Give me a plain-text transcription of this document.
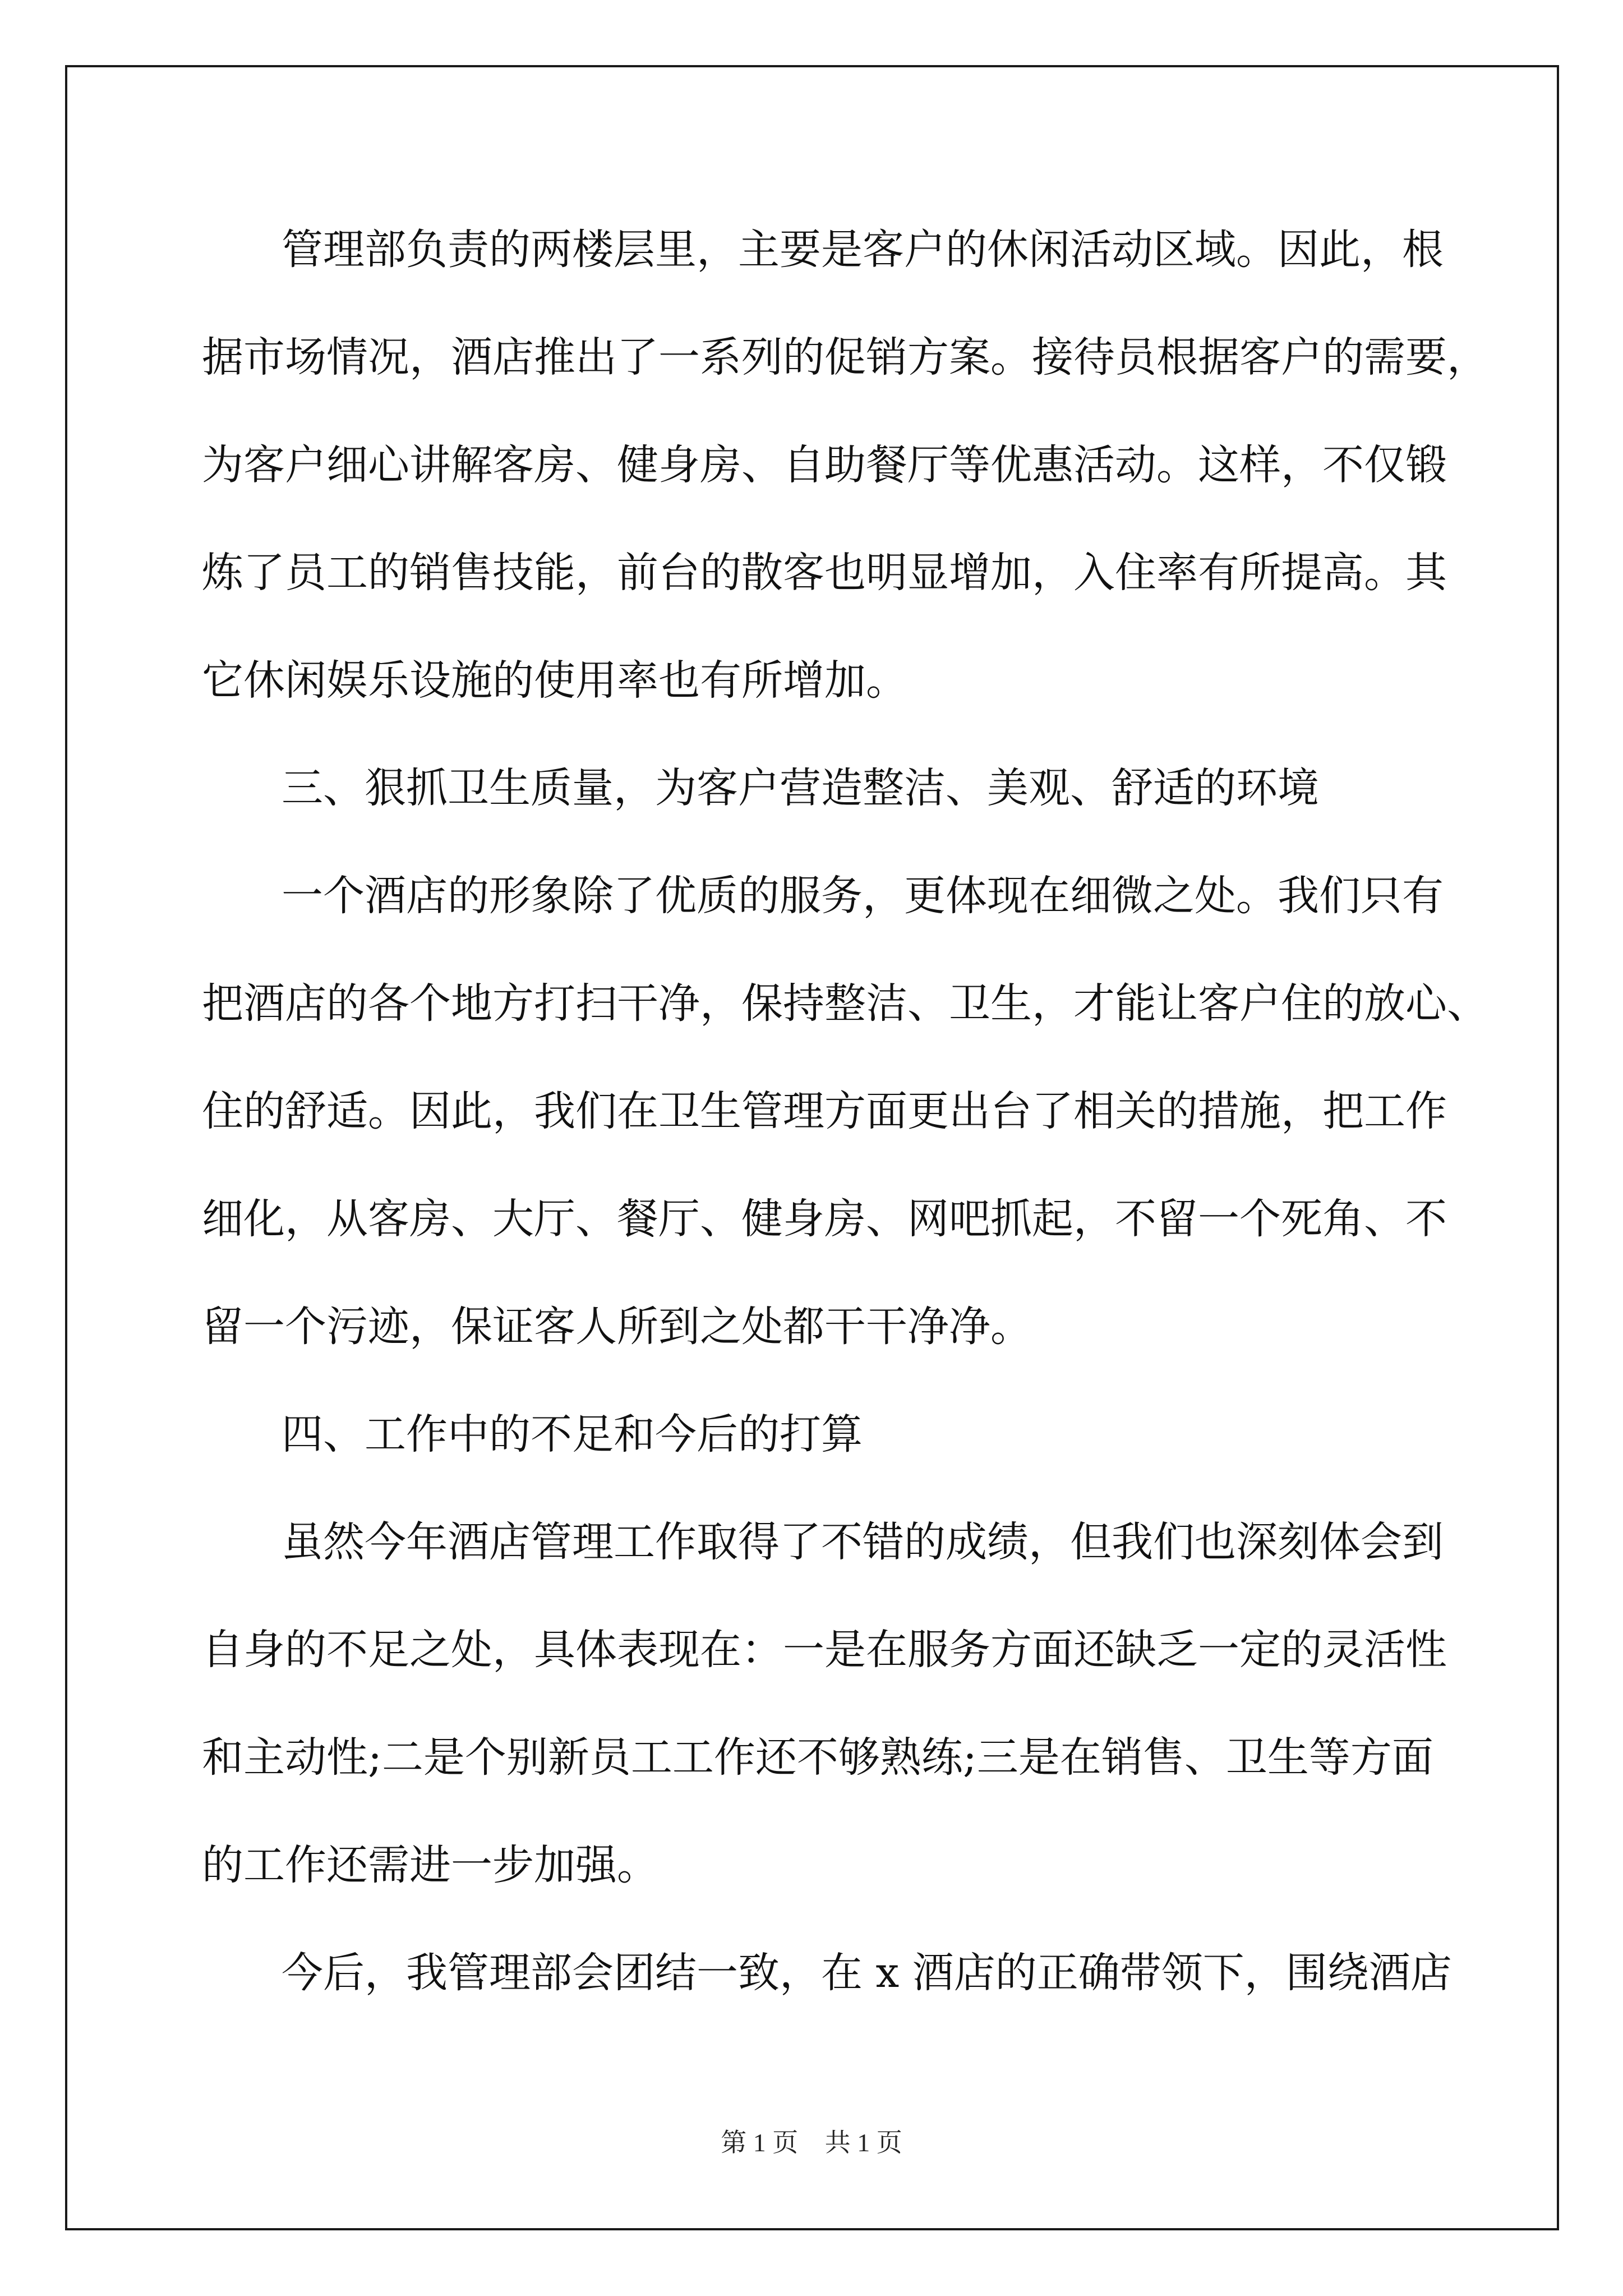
管理部负责的两楼层里，主要是客户的休闲活动区域。因此，根
据市场情况，酒店推出了一系列的促销方案。接待员根据客户的需要，
为客户细心讲解客房、健身房、自助餐厅等优惠活动。这样，不仅锻
炼了员工的销售技能，前台的散客也明显增加，入住率有所提高。其
它休闲娱乐设施的使用率也有所增加。
三、狠抓卫生质量，为客户营造整洁、美观、舒适的环境
一个酒店的形象除了优质的服务，更体现在细微之处。我们只有
把酒店的各个地方打扫干净，保持整洁、卫生，才能让客户住的放心、
住的舒适。因此，我们在卫生管理方面更出台了相关的措施，把工作
细化，从客房、大厅、餐厅、健身房、网吧抓起，不留一个死角、不
留一个污迹，保证客人所到之处都干干净净。
四、工作中的不足和今后的打算
虽然今年酒店管理工作取得了不错的成绩，但我们也深刻体会到
自身的不足之处，具体表现在：一是在服务方面还缺乏一定的灵活性
和主动性;二是个别新员工工作还不够熟练;三是在销售、卫生等方面
的工作还需进一步加强。
今后，我管理部会团结一致，在 x 酒店的正确带领下，围绕酒店
第 1 页 共 1 页
